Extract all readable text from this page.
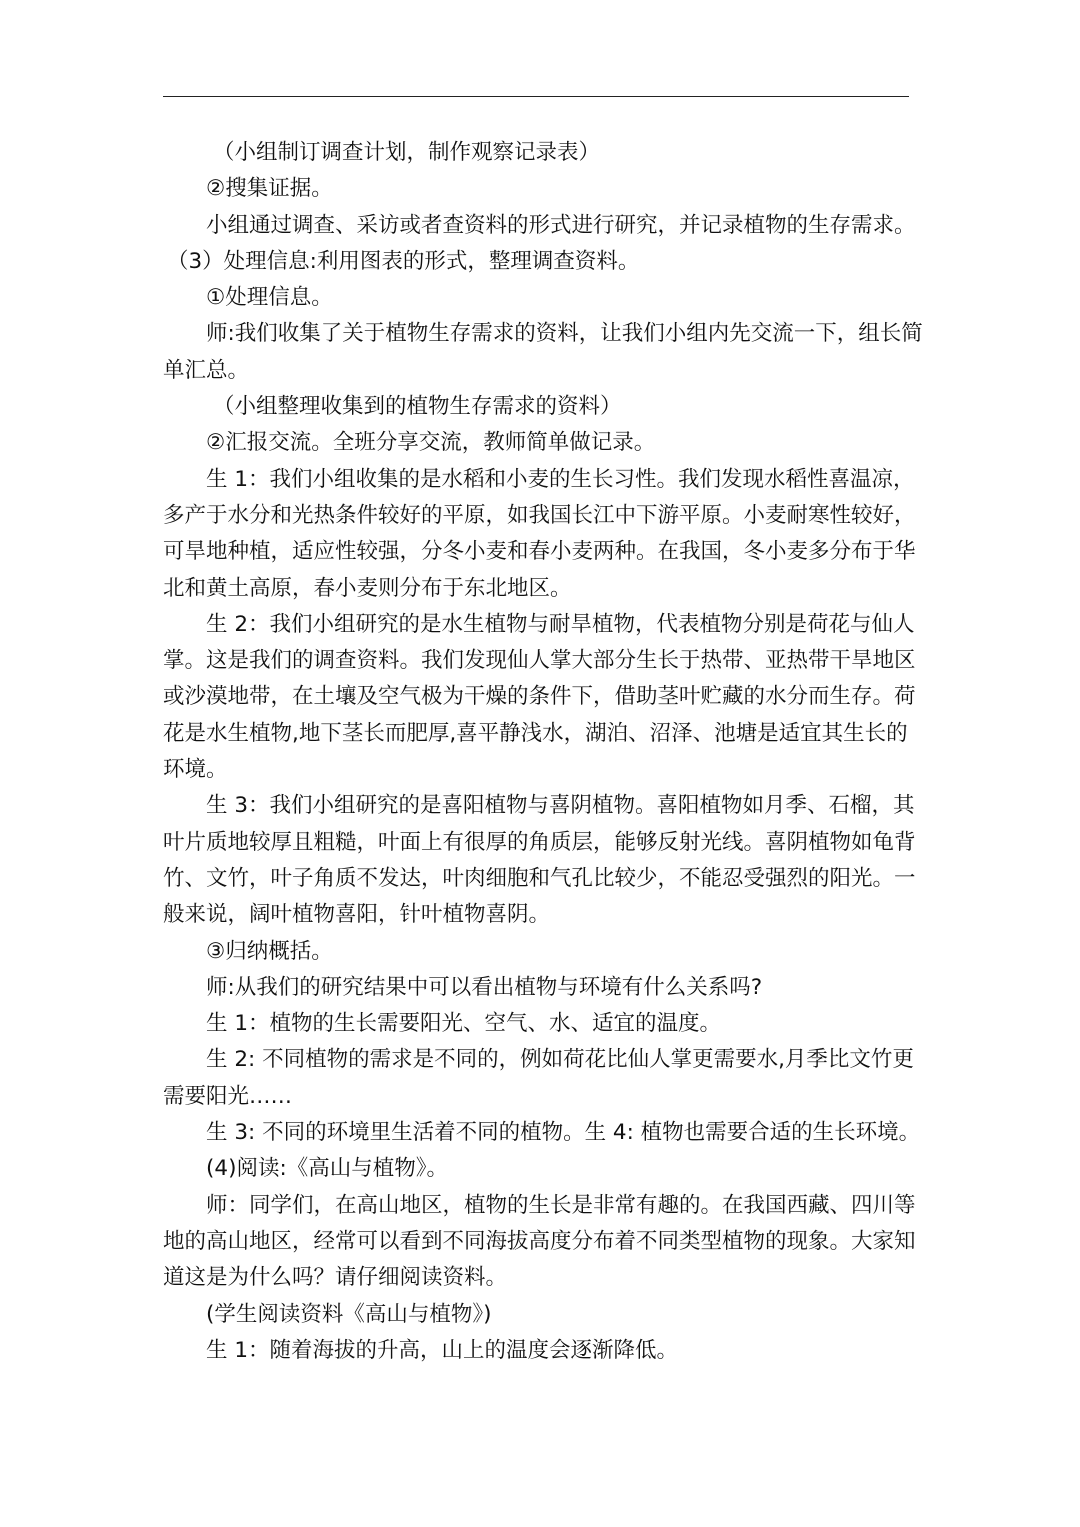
（小组制订调查计划，制作观察记录表）

②搜集证据。

小组通过调查、采访或者查资料的形式进行研究，并记录植物的生存需求。

（3）处理信息:利用图表的形式，整理调查资料。

①处理信息。

师:我们收集了关于植物生存需求的资料，让我们小组内先交流一下，组长简单汇总。

（小组整理收集到的植物生存需求的资料）

②汇报交流。全班分享交流，教师简单做记录。

生 1：我们小组收集的是水稻和小麦的生长习性。我们发现水稻性喜温凉，多产于水分和光热条件较好的平原，如我国长江中下游平原。小麦耐寒性较好，可旱地种植，适应性较强，分冬小麦和春小麦两种。在我国，冬小麦多分布于华北和黄土高原，春小麦则分布于东北地区。

生 2：我们小组研究的是水生植物与耐旱植物，代表植物分别是荷花与仙人掌。这是我们的调查资料。我们发现仙人掌大部分生长于热带、亚热带干旱地区或沙漠地带，在土壤及空气极为干燥的条件下，借助茎叶贮藏的水分而生存。荷花是水生植物,地下茎长而肥厚,喜平静浅水，湖泊、沼泽、池塘是适宜其生长的环境。

生 3：我们小组研究的是喜阳植物与喜阴植物。喜阳植物如月季、石榴，其叶片质地较厚且粗糙，叶面上有很厚的角质层，能够反射光线。喜阴植物如龟背竹、文竹，叶子角质不发达，叶肉细胞和气孔比较少，不能忍受强烈的阳光。一般来说，阔叶植物喜阳，针叶植物喜阴。

③归纳概括。

师:从我们的研究结果中可以看出植物与环境有什么关系吗?

生 1：植物的生长需要阳光、空气、水、适宜的温度。

生 2: 不同植物的需求是不同的，例如荷花比仙人掌更需要水,月季比文竹更需要阳光……

生 3: 不同的环境里生活着不同的植物。生 4: 植物也需要合适的生长环境。

(4)阅读:《高山与植物》。

师：同学们，在高山地区，植物的生长是非常有趣的。在我国西藏、四川等地的高山地区，经常可以看到不同海拔高度分布着不同类型植物的现象。大家知道这是为什么吗？请仔细阅读资料。

(学生阅读资料《高山与植物》)

生 1：随着海拔的升高，山上的温度会逐渐降低。
